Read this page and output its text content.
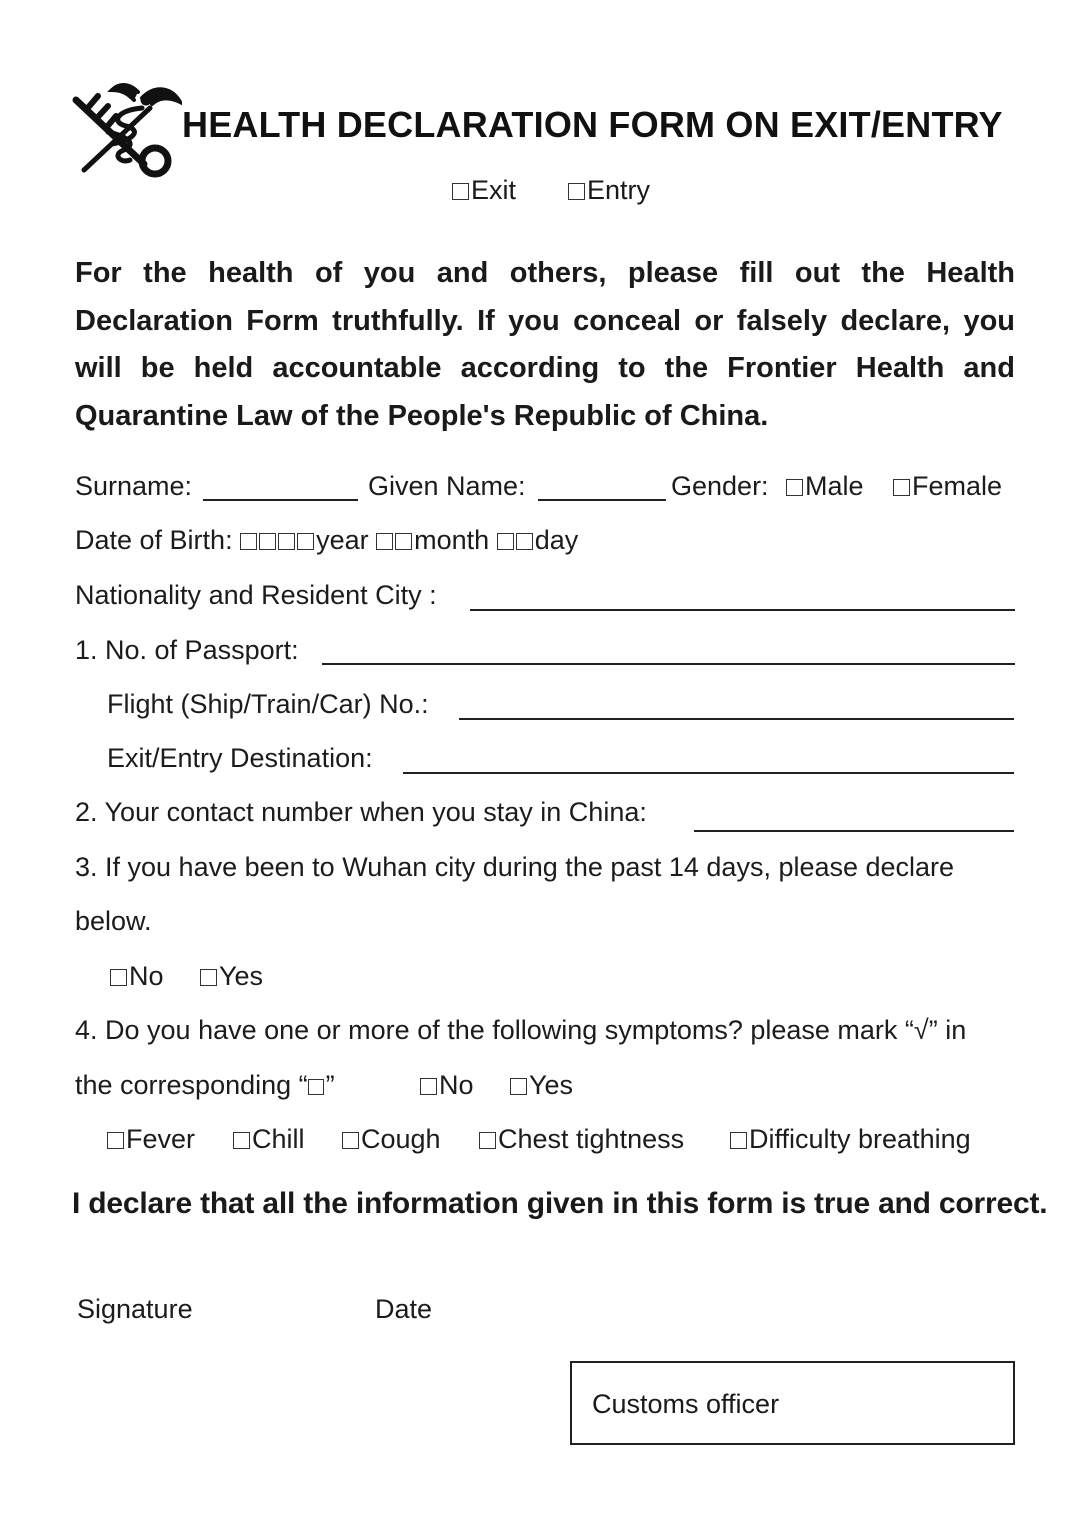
HEALTH DECLARATION FORM ON EXIT/ENTRY
Exit	Entry
For the health of you and others, please fill out the Health Declaration Form truthfully. If you conceal or falsely declare, you will be held accountable according to the Frontier Health and Quarantine Law of the People's Republic of China.
Surname:	Given Name:	Gender:	Male	Female
Date of Birth:	year month day
Nationality and Resident City :
1. No. of Passport:
Flight (Ship/Train/Car) No.:
Exit/Entry Destination:
2. Your contact number when you stay in China:
3. If you have been to Wuhan city during the past 14 days, please declare
below.
No	Yes
4. Do you have one or more of the following symptoms? please mark “√” in
the corresponding “ ”	No	Yes
Fever	Chill	Cough	Chest tightness	Difficulty breathing
I declare that all the information given in this form is true and correct.
Signature	Date
Customs officer
